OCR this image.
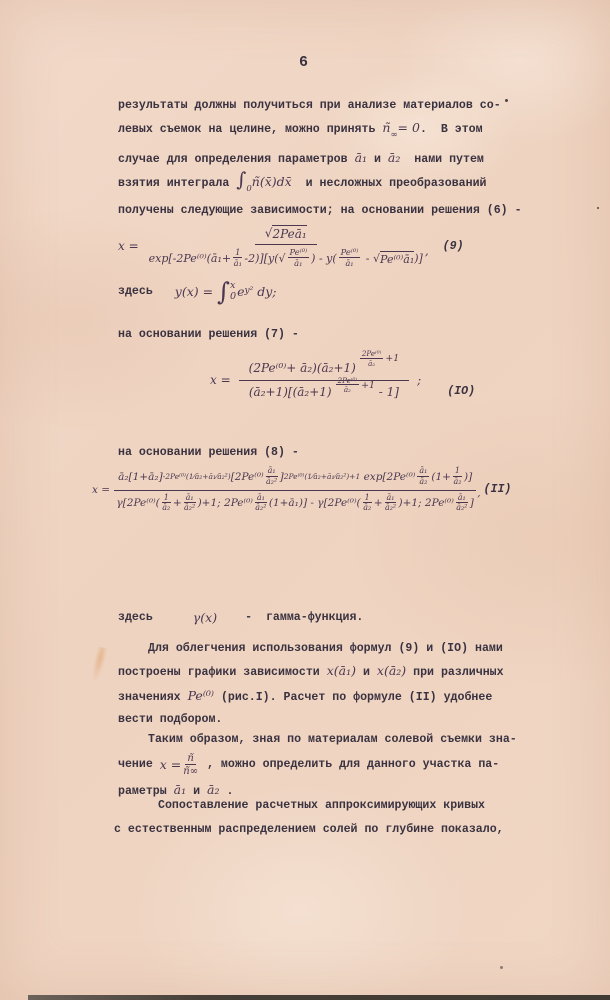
6
результаты должны получиться при анализе материалов со-
левых съемок на целине, можно принять $п̃_\infty= 0$.  В этом
случае для определения параметров ā₁ и ā₂  нами путем
взятия интеграла $\int_0п̃(х̄)dх̄$  и несложных преобразований
получены следующие зависимости; на основании решения (6) -
$x = \frac{\text{√ 2Peā₁}}{\exp[-2Pe^{(0)}(ā_1+ \frac{1}{\text{ā₁}} -2)][y(√ \frac{\text{Pe⁽⁰⁾}}{\text{ā₁}} ) - y( \frac{\text{Pe⁽⁰⁾}}{\text{ā₁}} - √ Pe^{(0)}ā_1 )]}$ , (9)
здесь y(x) = ∫ x
0 e y² dy;
на основании решения (7) -
x = (2Pe⁽⁰⁾+ ā₂)(ā₂+1)
$\frac{\text{2Pe⁽⁰⁾}}{\text{ā₂}} +1$
(ā₂+1)[(ā₂+1) $\frac{\text{2Pe⁽⁰⁾}}{\text{ā₂}} +1 - 1$] ;
(IO)
на основании решения (8) -
x =
ā₂[1+ā₂] -2Pe⁽⁰⁾(1⁄ā₂+ā₁⁄ā₂²) [$2Pe^{(0)} \frac{\text{ā₁}}{\text{ā₂²}}$ ] 2Pe⁽⁰⁾(1⁄ā₂+ā₁⁄ā₂²)+1 $\exp[2Pe^{(0)} \frac{\text{ā₁}}{\text{ā₂}} (1+ \frac{1}{\text{ā₂}}$ )]
$\gamma[2Pe^{(0)}( \frac{1}{\text{ā₂}} + \frac{\text{ā₁}}{\text{ā₂²}} )+1$; $2Pe^{(0)} \frac{\text{ā₁}}{\text{ā₂²}}$ (1+ā₁)] - $\gamma[2Pe^{(0)}( \frac{1}{\text{ā₂}} + \frac{\text{ā₁}}{\text{ā₂²}} )+1$; $2Pe^{(0)} \frac{\text{ā₁}}{\text{ā₂²}}$ ]
, (II)
здесь	γ(x) -  гамма-функция.
Для облегчения использования формул (9) и (IO) нами
построены графики зависимости x(ā₁) и x(ā₂) при различных
значениях Pe⁽⁰⁾ (рис.I). Расчет по формуле (II) удобнее
вести подбором.
Таким образом, зная по материалам солевой съемки зна-
чение x = п̃
п̃∞ , можно определить для данного участка па-
раметры ā₁ и ā₂ .
Сопоставление расчетных аппроксимирующих кривых
с естественным распределением солей по глубине показало,
